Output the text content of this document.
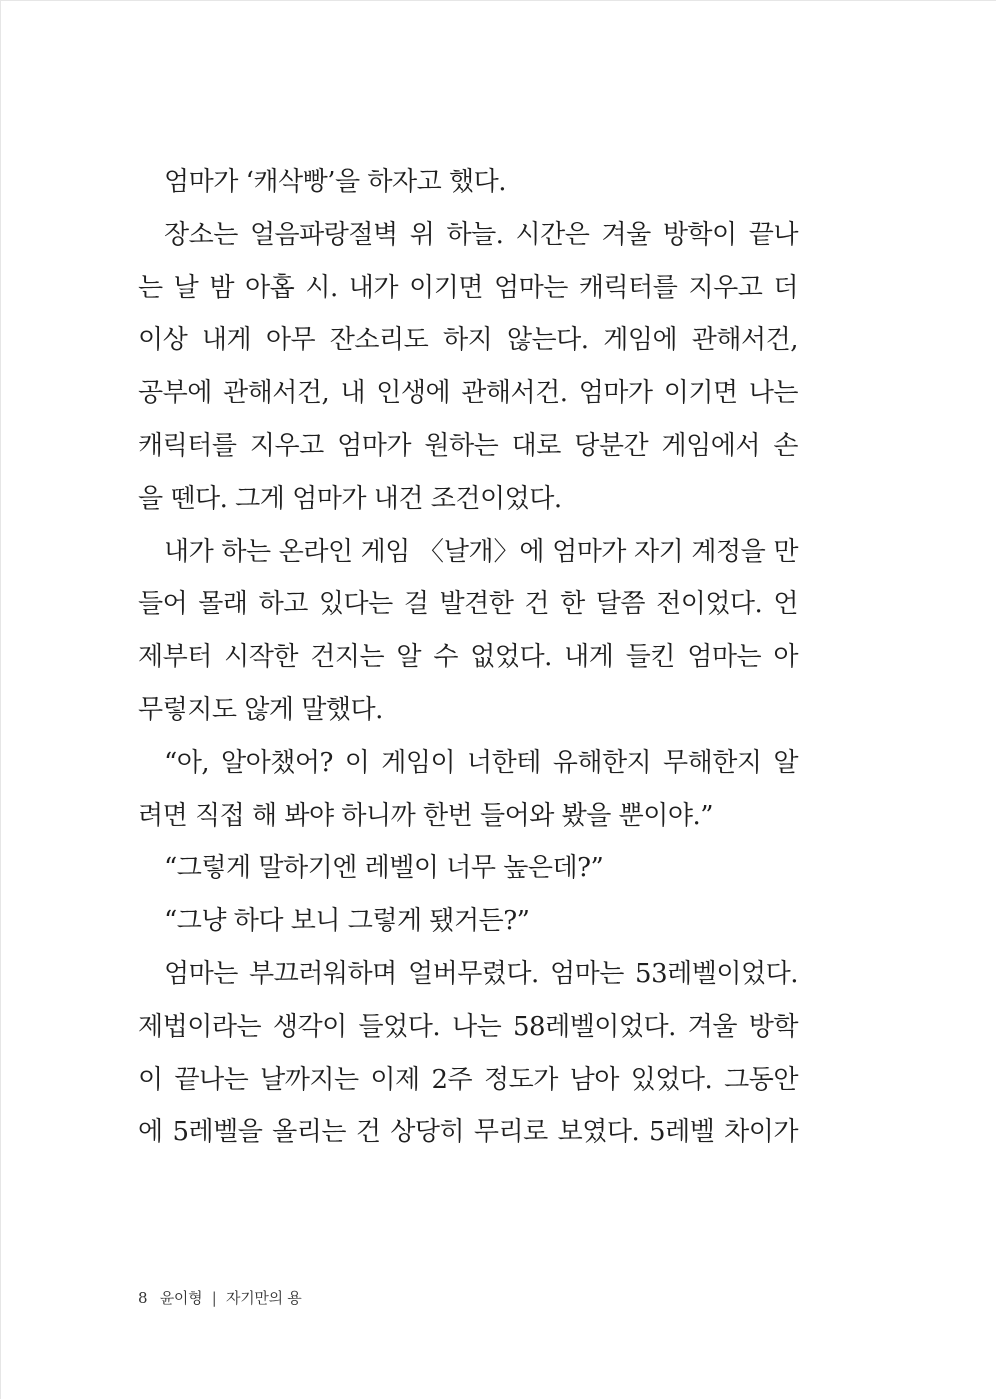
엄마가 ‘캐삭빵’을 하자고 했다.
장소는 얼음파랑절벽 위 하늘. 시간은 겨울 방학이 끝나
는 날 밤 아홉 시. 내가 이기면 엄마는 캐릭터를 지우고 더
이상 내게 아무 잔소리도 하지 않는다. 게임에 관해서건,
공부에 관해서건, 내 인생에 관해서건. 엄마가 이기면 나는
캐릭터를 지우고 엄마가 원하는 대로 당분간 게임에서 손
을 뗀다. 그게 엄마가 내건 조건이었다.
내가 하는 온라인 게임 〈날개〉에 엄마가 자기 계정을 만
들어 몰래 하고 있다는 걸 발견한 건 한 달쯤 전이었다. 언
제부터 시작한 건지는 알 수 없었다. 내게 들킨 엄마는 아
무렇지도 않게 말했다.
“아, 알아챘어? 이 게임이 너한테 유해한지 무해한지 알
려면 직접 해 봐야 하니까 한번 들어와 봤을 뿐이야.”
“그렇게 말하기엔 레벨이 너무 높은데?”
“그냥 하다 보니 그렇게 됐거든?”
엄마는 부끄러워하며 얼버무렸다. 엄마는 53레벨이었다.
제법이라는 생각이 들었다. 나는 58레벨이었다. 겨울 방학
이 끝나는 날까지는 이제 2주 정도가 남아 있었다. 그동안
에 5레벨을 올리는 건 상당히 무리로 보였다. 5레벨 차이가
8 윤이형 | 자기만의 용
